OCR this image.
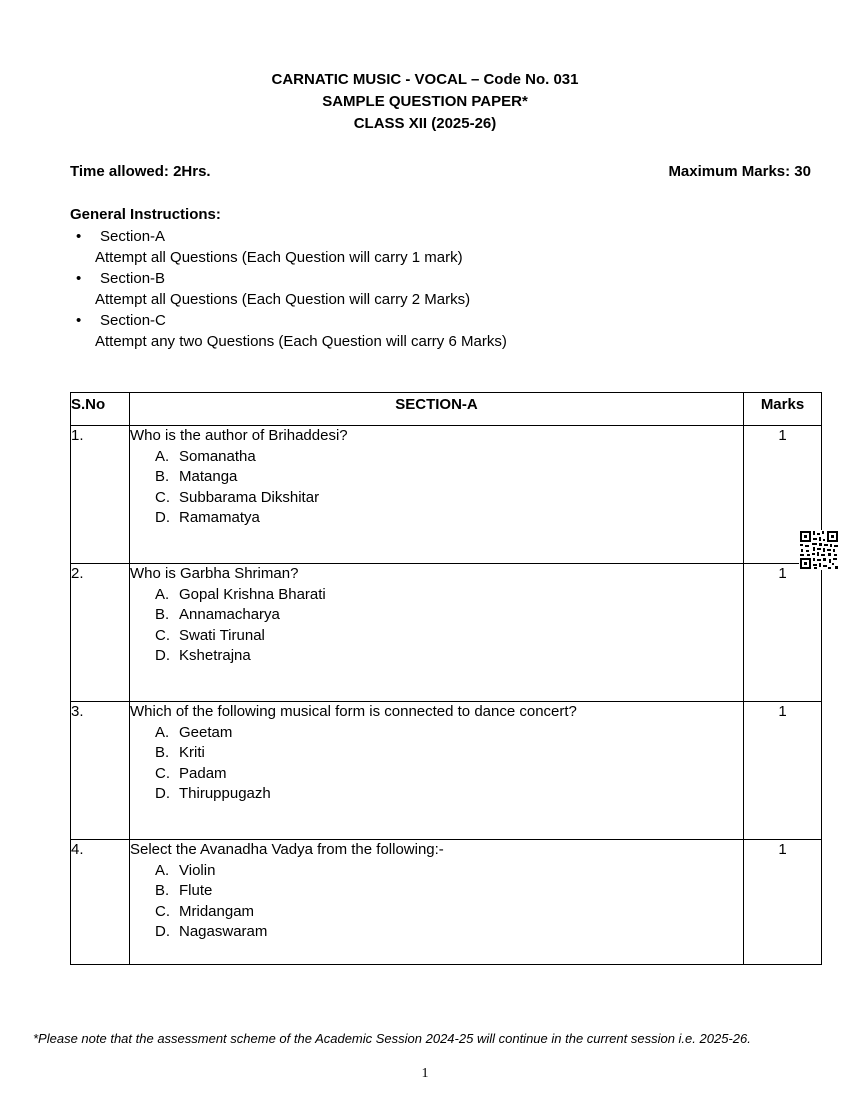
CARNATIC MUSIC - VOCAL – Code No. 031
SAMPLE QUESTION PAPER*
CLASS XII (2025-26)
Time allowed: 2Hrs.	Maximum Marks: 30
General Instructions:
• Section-A
Attempt all Questions (Each Question will carry 1 mark)
• Section-B
Attempt all Questions (Each Question will carry 2 Marks)
• Section-C
Attempt any two Questions (Each Question will carry 6 Marks)
S.No	SECTION-A	Marks
1.	Who is the author of Brihaddesi?
A. Somanatha
B. Matanga
C. Subbarama Dikshitar
D. Ramamatya	1
2.	Who is Garbha Shriman?
A. Gopal Krishna Bharati
B. Annamacharya
C. Swati Tirunal
D. Kshetrajna	1
3.	Which of the following musical form is connected to dance concert?
A. Geetam
B. Kriti
C. Padam
D. Thiruppugazh	1
4.	Select the Avanadha Vadya from the following:-
A. Violin
B. Flute
C. Mridangam
D. Nagaswaram	1
*Please note that the assessment scheme of the Academic Session 2024-25 will continue in the current session i.e. 2025-26.
1
